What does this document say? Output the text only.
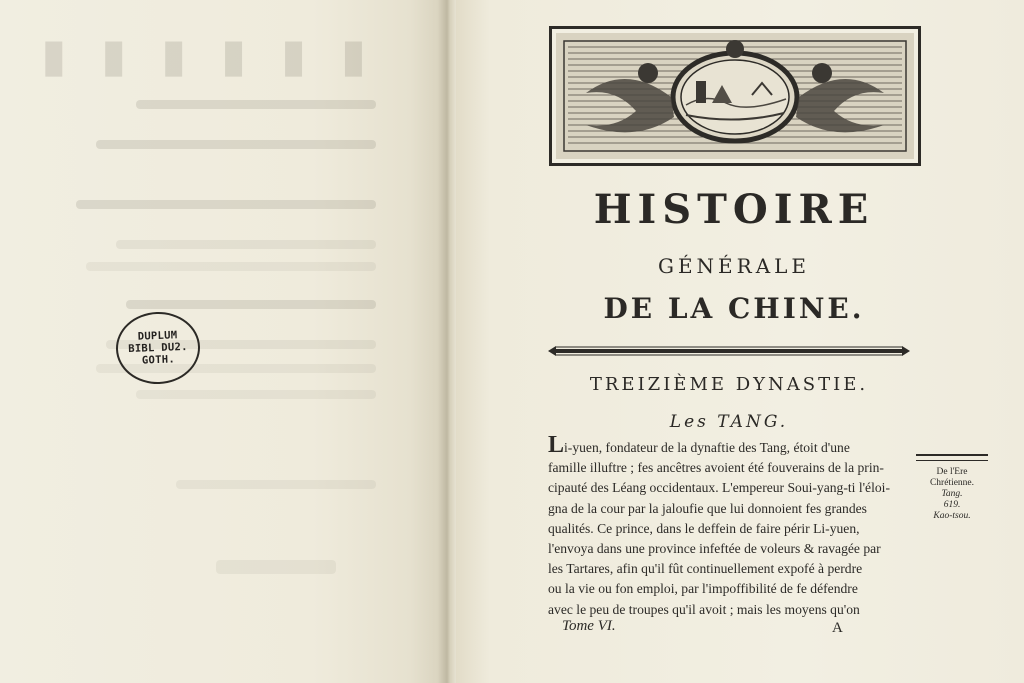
▮ ▮ ▮ ▮ ▮ ▮
DUPLUM
BIBL DU2.
GOTH.
HISTOIRE
GÉNÉRALE
DE LA CHINE.
TREIZIÈME DYNASTIE.
Les TANG.
Li-yuen, fondateur de la dynaftie des Tang, étoit d'une
famille illuftre ; fes ancêtres avoient été fouverains de la prin-
cipauté des Léang occidentaux. L'empereur Soui-yang-ti l'éloi-
gna de la cour par la jaloufie que lui donnoient fes grandes
qualités. Ce prince, dans le deffein de faire périr Li-yuen,
l'envoya dans une province infeftée de voleurs & ravagée par
les Tartares, afin qu'il fût continuellement expofé à perdre
ou la vie ou fon emploi, par l'impoffibilité de fe défendre
avec le peu de troupes qu'il avoit ; mais les moyens qu'on
De l'Ere
Chrétienne.
Tang.
619.
Kao-tsou.
Tome VI.	A
